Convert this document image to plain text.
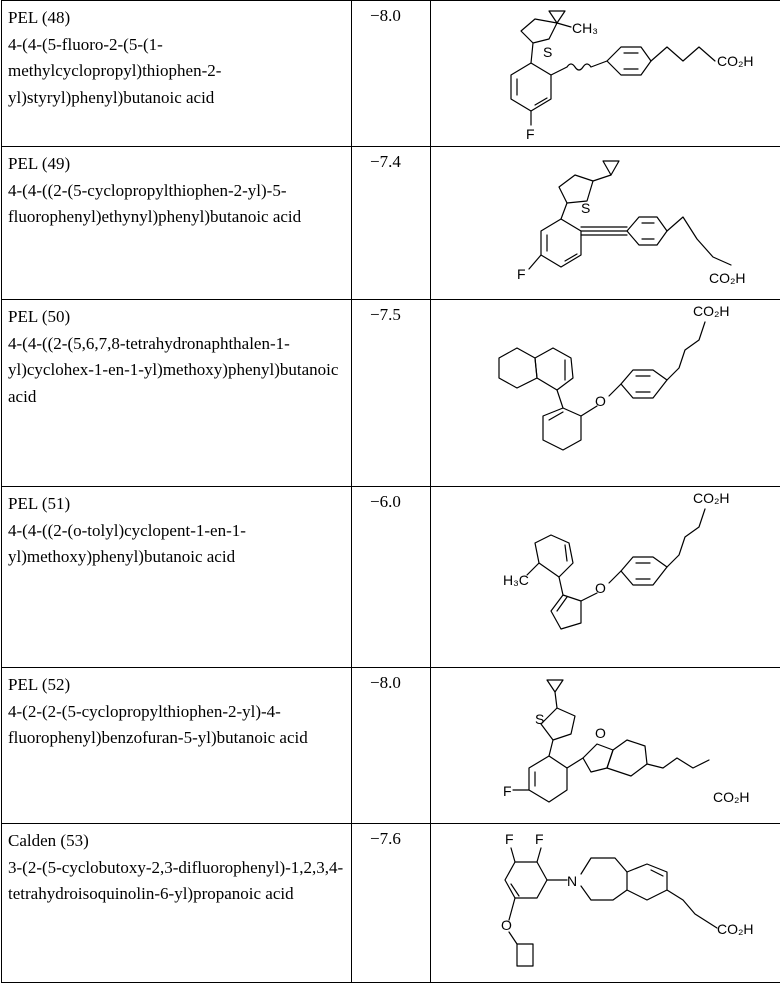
PEL (48)
4-(4-(5-fluoro-2-(5-(1-methylcyclopropyl)thiophen-2-yl)styryl)phenyl)butanoic acid	−8.0	CH₃
S
F
CO₂H

PEL (49)
4-(4-((2-(5-cyclopropylthiophen-2-yl)-5-fluorophenyl)ethynyl)phenyl)butanoic acid	−7.4	S
F CO₂H

PEL (50)
4-(4-((2-(5,6,7,8-tetrahydronaphthalen-1-yl)cyclohex-1-en-1-yl)methoxy)phenyl)butanoic acid	−7.5	CO₂H
O

PEL (51)
4-(4-((2-(o-tolyl)cyclopent-1-en-1-yl)methoxy)phenyl)butanoic acid	−6.0	CO₂H
O
H₃C

PEL (52)
4-(2-(2-(5-cyclopropylthiophen-2-yl)-4-fluorophenyl)benzofuran-5-yl)butanoic acid	−8.0	S
F
O
CO₂H

Calden (53)
3-(2-(5-cyclobutoxy-2,3-difluorophenyl)-1,2,3,4-tetrahydroisoquinolin-6-yl)propanoic acid	−7.6	F F
N
CO₂H
O
